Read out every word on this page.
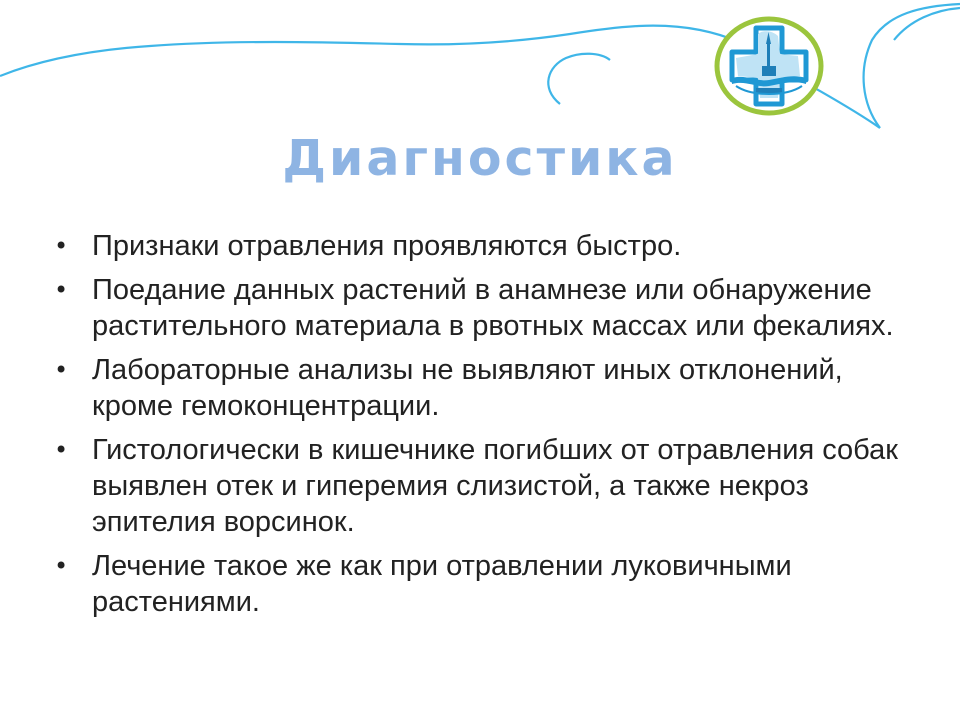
Диагностика
• Признаки отравления проявляются быстро.
• Поедание данных растений в анамнезе или обнаружение растительного материала в рвотных массах или фекалиях.
• Лабораторные анализы не выявляют иных отклонений, кроме гемоконцентрации.
• Гистологически в кишечнике погибших от отравления собак выявлен отек и гиперемия слизистой, а также некроз эпителия ворсинок.
• Лечение такое же как при отравлении луковичными растениями.
